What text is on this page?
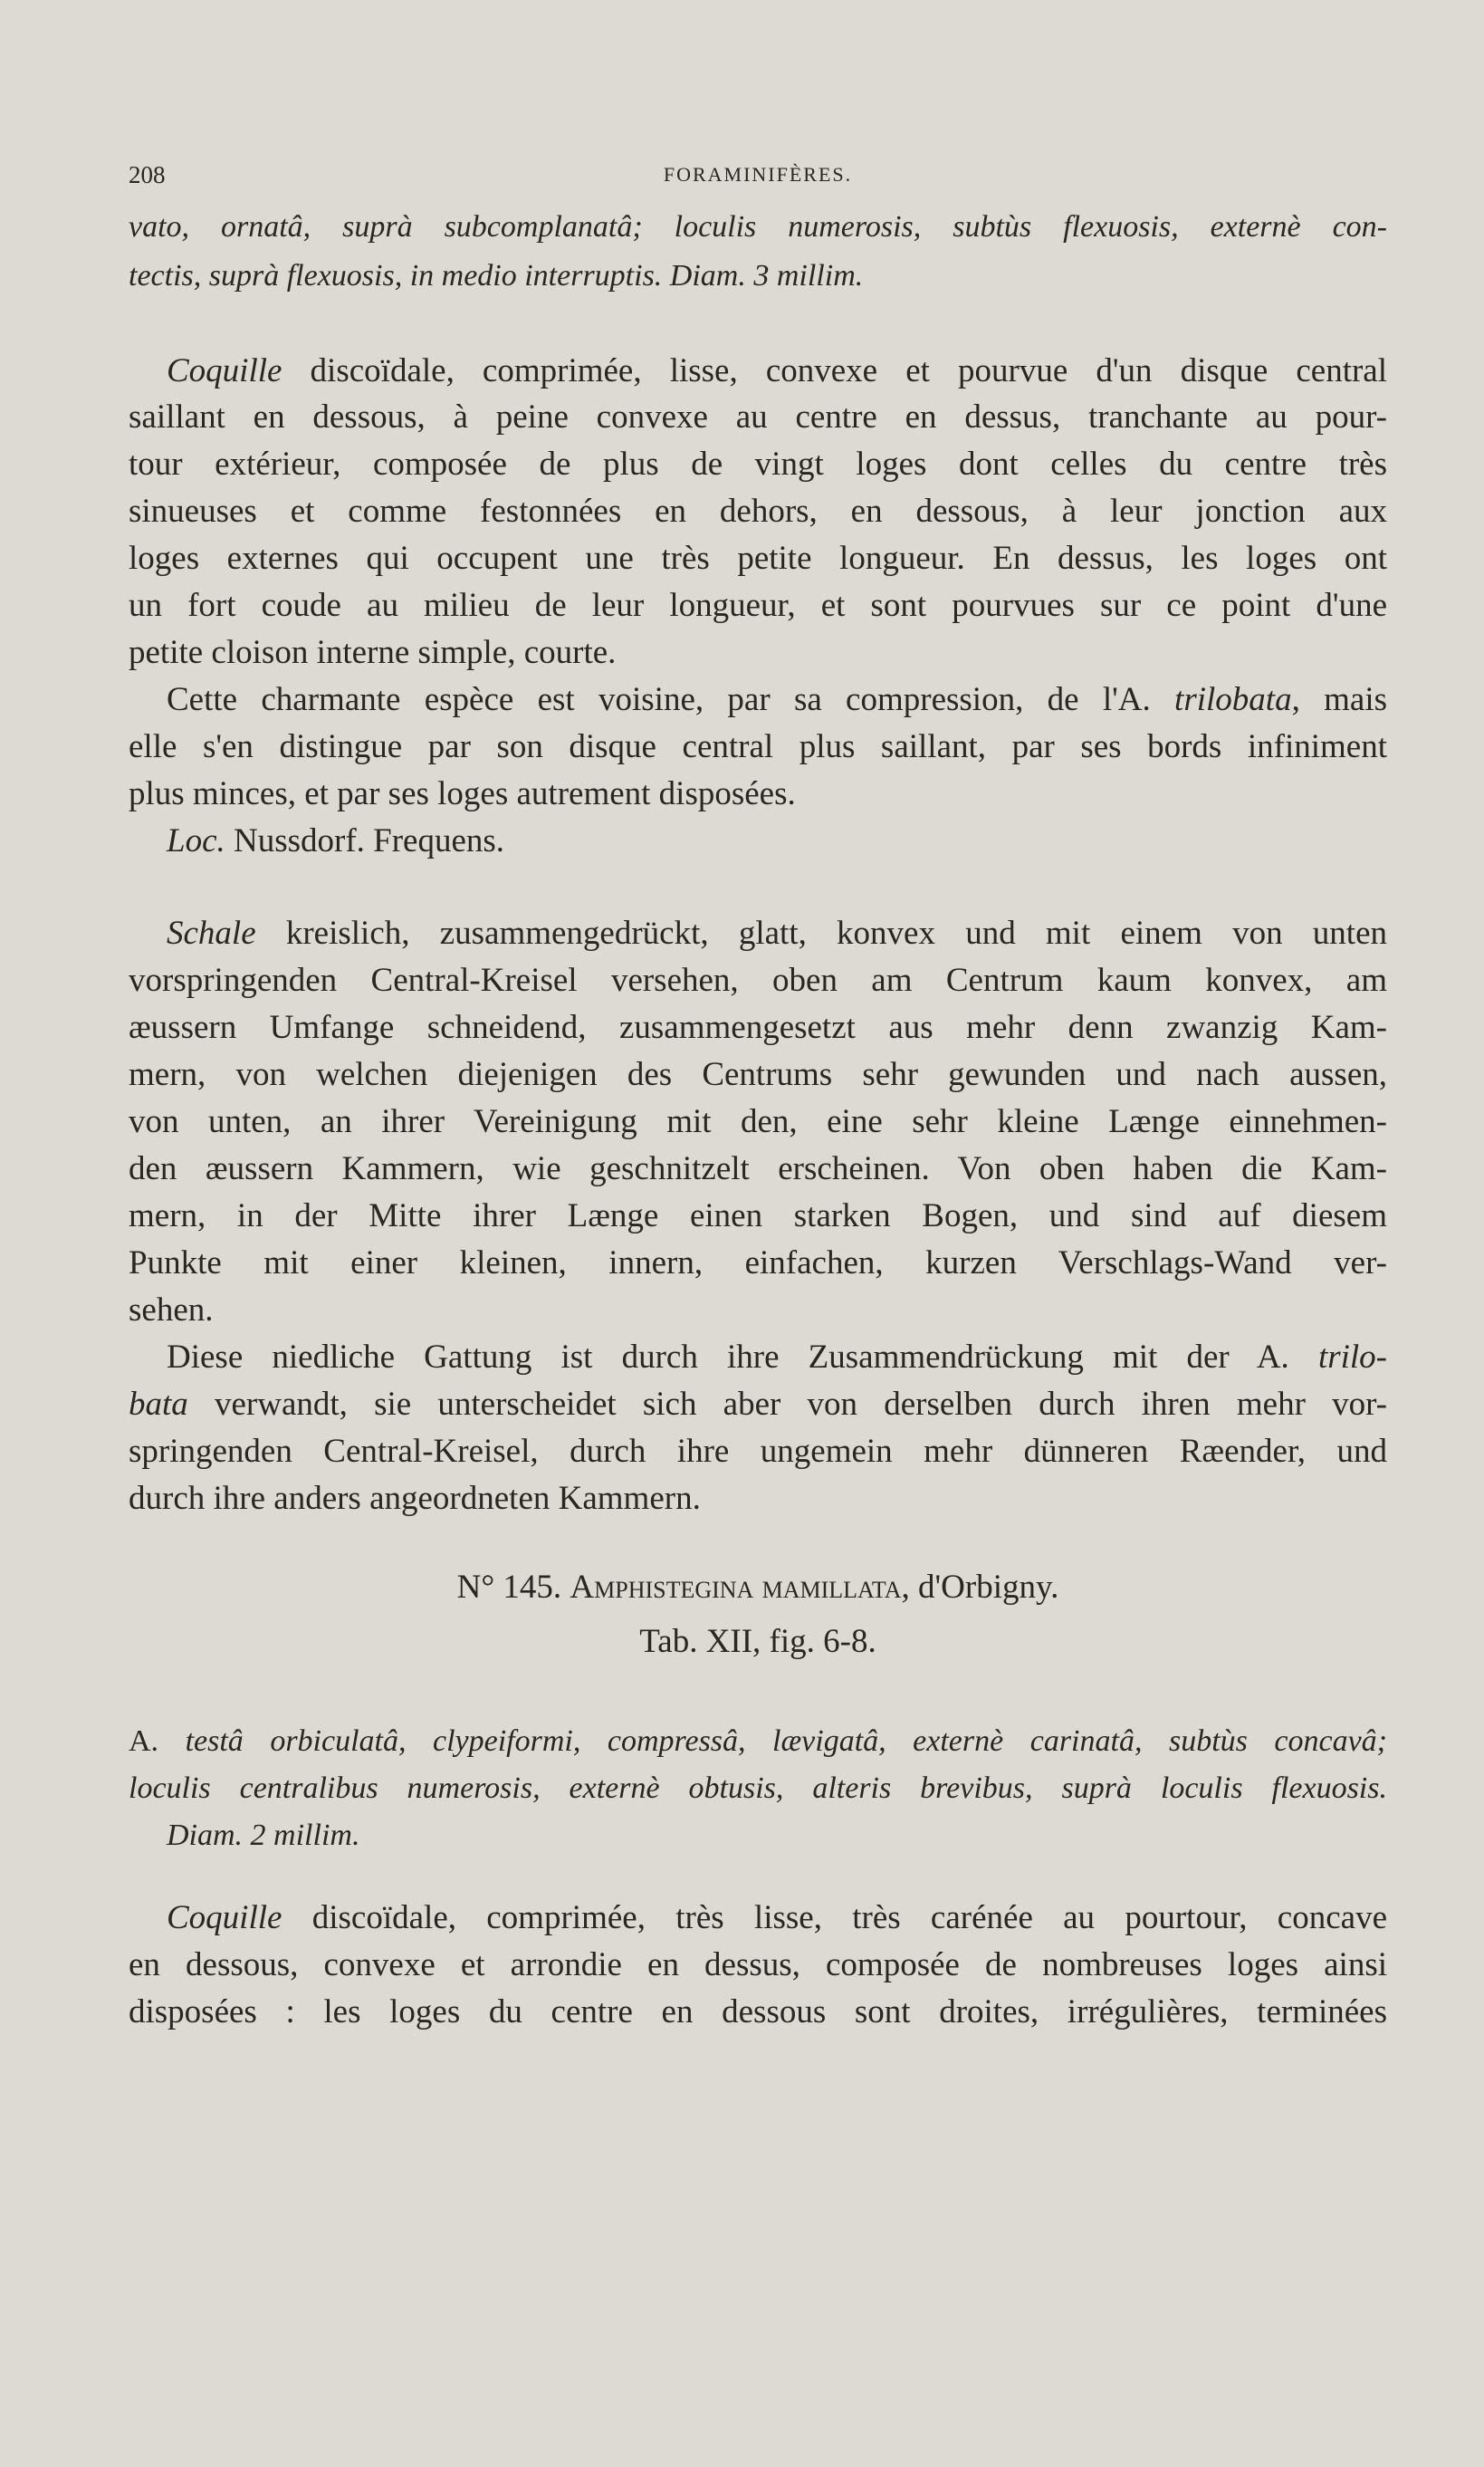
208	FORAMINIFÈRES.
vato, ornatâ, suprà subcomplanatâ; loculis numerosis, subtùs flexuosis, externè con-
tectis, suprà flexuosis, in medio interruptis. Diam. 3 millim.
Coquille discoïdale, comprimée, lisse, convexe et pourvue d'un disque central
saillant en dessous, à peine convexe au centre en dessus, tranchante au pour-
tour extérieur, composée de plus de vingt loges dont celles du centre très
sinueuses et comme festonnées en dehors, en dessous, à leur jonction aux
loges externes qui occupent une très petite longueur. En dessus, les loges ont
un fort coude au milieu de leur longueur, et sont pourvues sur ce point d'une
petite cloison interne simple, courte.
Cette charmante espèce est voisine, par sa compression, de l'A. trilobata, mais
elle s'en distingue par son disque central plus saillant, par ses bords infiniment
plus minces, et par ses loges autrement disposées.
Loc. Nussdorf. Frequens.
Schale kreislich, zusammengedrückt, glatt, konvex und mit einem von unten
vorspringenden Central-Kreisel versehen, oben am Centrum kaum konvex, am
æussern Umfange schneidend, zusammengesetzt aus mehr denn zwanzig Kam-
mern, von welchen diejenigen des Centrums sehr gewunden und nach aussen,
von unten, an ihrer Vereinigung mit den, eine sehr kleine Længe einnehmen-
den æussern Kammern, wie geschnitzelt erscheinen. Von oben haben die Kam-
mern, in der Mitte ihrer Længe einen starken Bogen, und sind auf diesem
Punkte mit einer kleinen, innern, einfachen, kurzen Verschlags-Wand ver-
sehen.
Diese niedliche Gattung ist durch ihre Zusammendrückung mit der A. trilo-
bata verwandt, sie unterscheidet sich aber von derselben durch ihren mehr vor-
springenden Central-Kreisel, durch ihre ungemein mehr dünneren Ræender, und
durch ihre anders angeordneten Kammern.
N° 145. Amphistegina mamillata, d'Orbigny.
Tab. XII, fig. 6-8.
A. testâ orbiculatâ, clypeiformi, compressâ, lævigatâ, externè carinatâ, subtùs concavâ;
loculis centralibus numerosis, externè obtusis, alteris brevibus, suprà loculis flexuosis.
Diam. 2 millim.
Coquille discoïdale, comprimée, très lisse, très carénée au pourtour, concave
en dessous, convexe et arrondie en dessus, composée de nombreuses loges ainsi
disposées : les loges du centre en dessous sont droites, irrégulières, terminées
